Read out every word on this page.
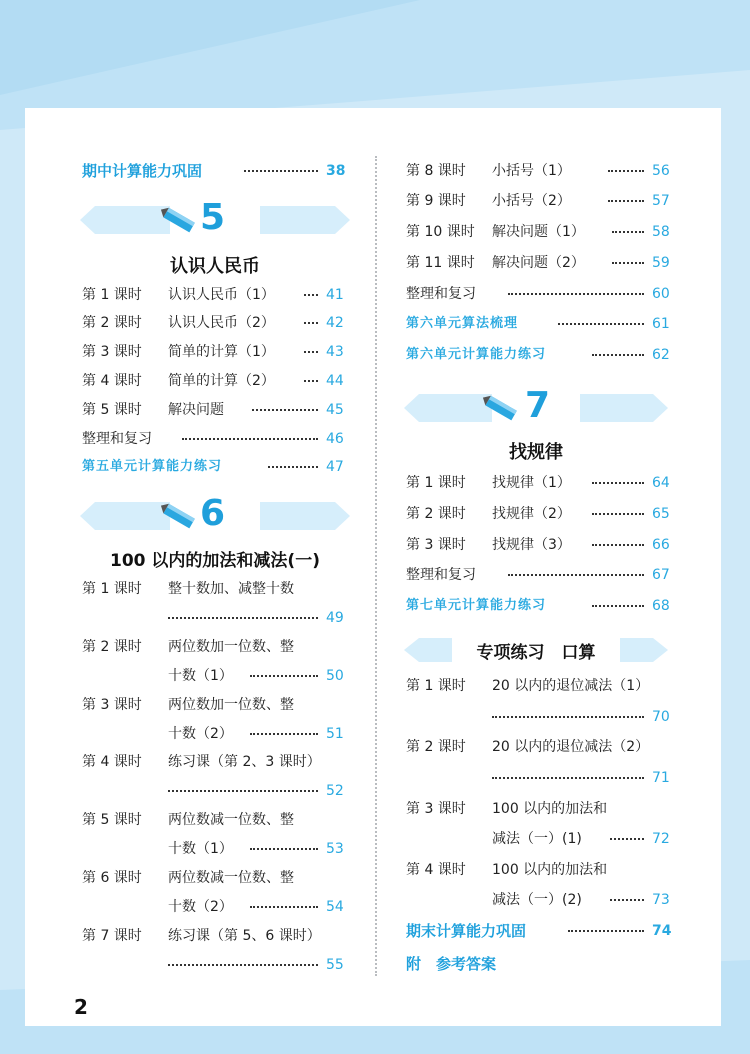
期中计算能力巩固	38
5
认识人民币
第 1 课时 认识人民币（1）	41
第 2 课时 认识人民币（2）	42
第 3 课时 简单的计算（1）	43
第 4 课时 简单的计算（2）	44
第 5 课时 解决问题	45
整理和复习	46
第五单元计算能力练习	47
6
100 以内的加法和减法(一)
第 1 课时 整十数加、减整十数
49
第 2 课时 两位数加一位数、整
十数（1）	50
第 3 课时 两位数加一位数、整
十数（2）	51
第 4 课时 练习课（第 2、3 课时）
52
第 5 课时 两位数减一位数、整
十数（1）	53
第 6 课时 两位数减一位数、整
十数（2）	54
第 7 课时 练习课（第 5、6 课时）
55
第 8 课时 小括号（1）	56
第 9 课时 小括号（2）	57
第 10 课时 解决问题（1）	58
第 11 课时 解决问题（2）	59
整理和复习	60
第六单元算法梳理	61
第六单元计算能力练习	62
7
找规律
第 1 课时 找规律（1）	64
第 2 课时 找规律（2）	65
第 3 课时 找规律（3）	66
整理和复习	67
第七单元计算能力练习	68
专项练习　口算
第 1 课时 20 以内的退位减法（1）
70
第 2 课时 20 以内的退位减法（2）
71
第 3 课时 100 以内的加法和
减法（一）(1)	72
第 4 课时 100 以内的加法和
减法（一）(2)	73
期末计算能力巩固	74
附　参考答案
2
